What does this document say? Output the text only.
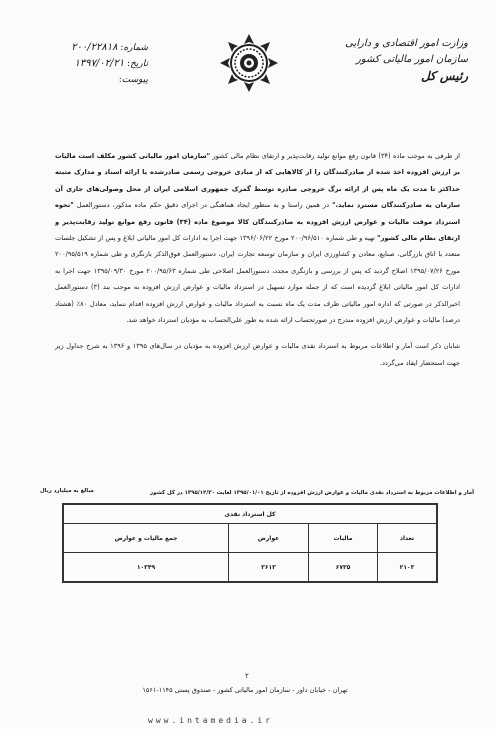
وزارت امور اقتصادی و دارایی
سازمان امور مالیاتی کشور
رئیس کل
شماره: ۲۰۰/۲۲۸۱۸
تاریخ: ۱۳۹۷/۰۲/۲۱
پیوست:

از طرفی به موجب ماده (۳۴) قانون رفع موانع تولید رقابت‌پذیر و ارتقای نظام مالی کشور "سازمان امور مالیاتی کشور مکلف است مالیات بر ارزش افزوده اخذ شده از صادرکنندگان را از کالاهایی که از مبادی خروجی رسمی صادرشده یا ارائه اسناد و مدارک مثبته حداکثر تا مدت یک ماه پس از ارائه برگ خروجی صادره توسط گمرک جمهوری اسلامی ایران از محل وصولی‌های جاری آن سازمان به صادرکنندگان مسترد نماید." در همین راستا و به منظور ایجاد هماهنگی در اجرای دقیق حکم ماده مذکور، دستورالعمل "نحوه استرداد موقت مالیات و عوارض ارزش افزوده به صادرکنندگان کالا موضوع ماده (۳۴) قانون رفع موانع تولید رقابت‌پذیر و ارتقای نظام مالی کشور" تهیه و طی شماره ۲۰۰/۹۶/۵۱۰ مورخ ۱۳۹۶/۰۶/۲۲ جهت اجرا به ادارات کل امور مالیاتی ابلاغ و پس از تشکیل جلسات متعدد با اتاق بازرگانی، صنایع، معادن و کشاورزی ایران و سازمان توسعه تجارت ایران، دستورالعمل فوق‌الذکر بازنگری و طی شماره ۲۰۰/۹۵/۵۱۹ مورخ ۱۳۹۵/۰۷/۲۶ اصلاح گردید که پس از بررسی و بازنگری مجدد، دستورالعمل اصلاحی طی شماره ۲۰۰/۹۵/۶۳ مورخ ۱۳۹۵/۰۹/۳۰ جهت اجرا به ادارات کل امور مالیاتی ابلاغ گردیده است که از جمله موارد تسهیل در استرداد مالیات و عوارض ارزش افزوده به موجب بند (۳) دستورالعمل اخیرالذکر در صورتی که اداره امور مالیاتی ظرف مدت یک ماه نسبت به استرداد مالیات و عوارض ارزش افزوده اقدام ننماید، معادل ۸۰٪ (هشتاد درصد) مالیات و عوارض ارزش افزوده مندرج در صورتحساب ارائه شده به طور علی‌الحساب به مؤدیان استرداد خواهد شد.

شایان ذکر است آمار و اطلاعات مربوط به استرداد نقدی مالیات و عوارض ارزش افزوده به مؤدیان در سال‌های ۱۳۹۵ و ۱۳۹۶ به شرح جداول زیر جهت استحضار ایفاد می‌گردد.

آمار و اطلاعات مربوط به استرداد نقدی مالیات و عوارض ارزش افزوده از تاریخ ۱۳۹۵/۰۱/۰۱ لغایت ۱۳۹۵/۱۲/۳۰ در کل کشور
مبالغ به میلیارد ریال
کل استرداد نقدی
تعداد
مالیات
عوارض
جمع مالیات و عوارض
۲۱۰۳
۶۷۳۵
۳۶۱۳
۱۰۳۴۹
۲
تهران - خیابان داور - سازمان امور مالیاتی کشور - صندوق پستی ۱۱۴۵-۱۵۶۱
www.intamedia.ir
